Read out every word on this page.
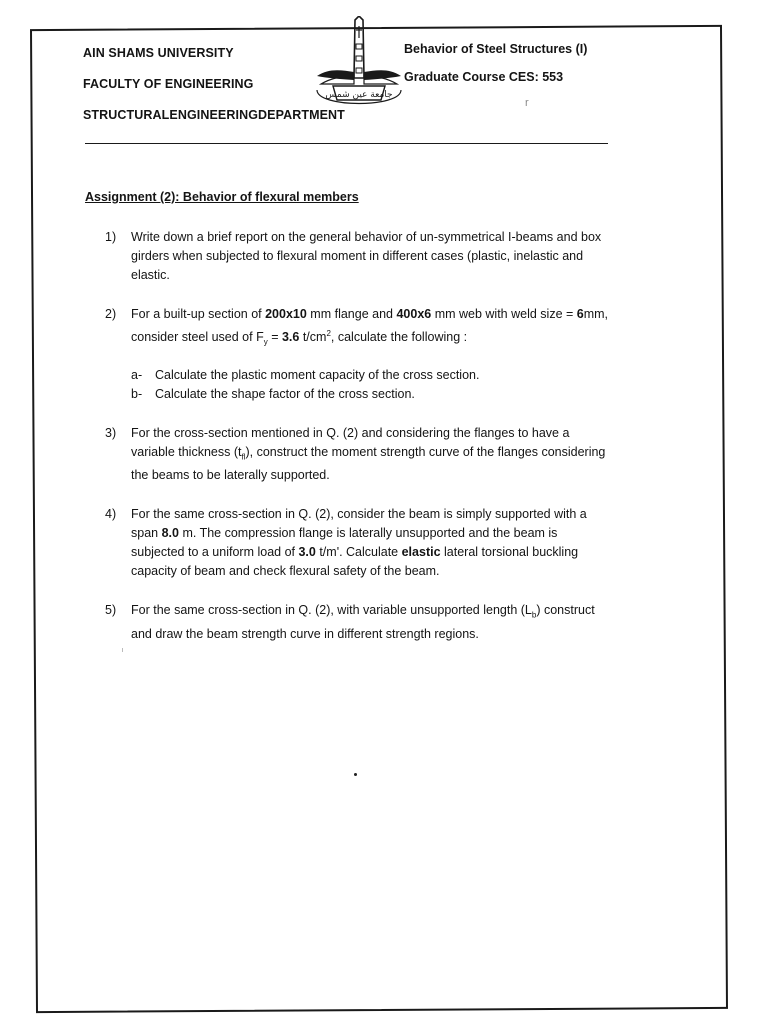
AIN SHAMS UNIVERSITY
FACULTY OF ENGINEERING
STRUCTURALENGINEERINGDEPARTMENT
جامعة عين شمس
Behavior of Steel Structures (I)
Graduate Course CES: 553
r
Assignment (2): Behavior of flexural members
1) Write down a brief report on the general behavior of un-symmetrical I-beams and box girders when subjected to flexural moment in different cases (plastic, inelastic and elastic.
2) For a built-up section of 200x10 mm flange and 400x6 mm web with weld size = 6mm, consider steel used of $F_y = 3.6$ $t/cm^2$, calculate the following :
a- Calculate the plastic moment capacity of the cross section.
b- Calculate the shape factor of the cross section.
3) For the cross-section mentioned in Q. (2) and considering the flanges to have a variable thickness $(t_{fl})$, construct the moment strength curve of the flanges considering the beams to be laterally supported.
4) For the same cross-section in Q. (2), consider the beam is simply supported with a span 8.0 m. The compression flange is laterally unsupported and the beam is subjected to a uniform load of 3.0 t/m'. Calculate elastic lateral torsional buckling capacity of beam and check flexural safety of the beam.
5) For the same cross-section in Q. (2), with variable unsupported length $(L_b)$ construct and draw the beam strength curve in different strength regions.
